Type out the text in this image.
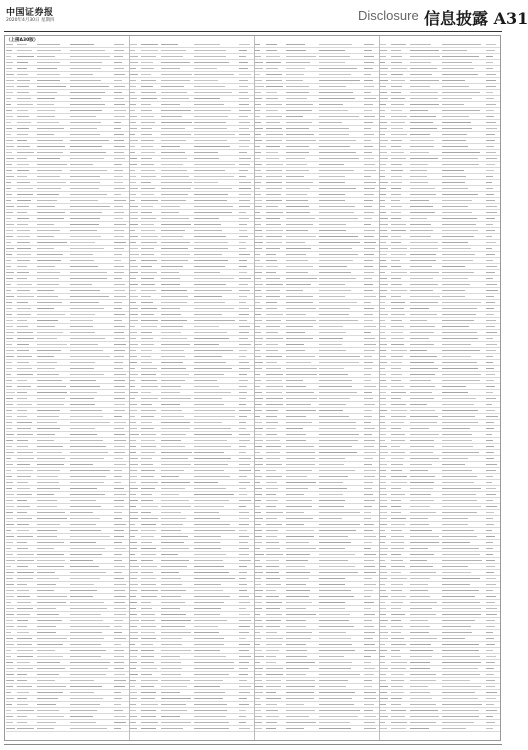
中国证券报
2020年4月30日 星期四	Disclosure 信息披露 A31
（上接A30版）
